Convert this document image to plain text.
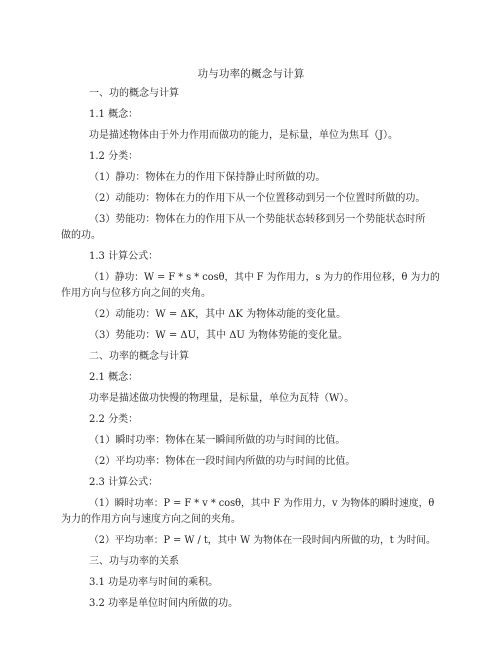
功与功率的概念与计算
一、功的概念与计算
1.1 概念：
功是描述物体由于外力作用而做功的能力，是标量，单位为焦耳（J）。
1.2 分类：
（1）静功：物体在力的作用下保持静止时所做的功。
（2）动能功：物体在力的作用下从一个位置移动到另一个位置时所做的功。
（3）势能功：物体在力的作用下从一个势能状态转移到另一个势能状态时所
做的功。
1.3 计算公式：
（1）静功：W = F * s * cosθ，其中 F 为作用力，s 为力的作用位移，θ 为力的
作用方向与位移方向之间的夹角。
（2）动能功：W = ΔK，其中 ΔK 为物体动能的变化量。
（3）势能功：W = ΔU，其中 ΔU 为物体势能的变化量。
二、功率的概念与计算
2.1 概念：
功率是描述做功快慢的物理量，是标量，单位为瓦特（W）。
2.2 分类：
（1）瞬时功率：物体在某一瞬间所做的功与时间的比值。
（2）平均功率：物体在一段时间内所做的功与时间的比值。
2.3 计算公式：
（1）瞬时功率：P = F * v * cosθ，其中 F 为作用力，v 为物体的瞬时速度，θ
为力的作用方向与速度方向之间的夹角。
（2）平均功率：P = W / t，其中 W 为物体在一段时间内所做的功，t 为时间。
三、功与功率的关系
3.1 功是功率与时间的乘积。
3.2 功率是单位时间内所做的功。
